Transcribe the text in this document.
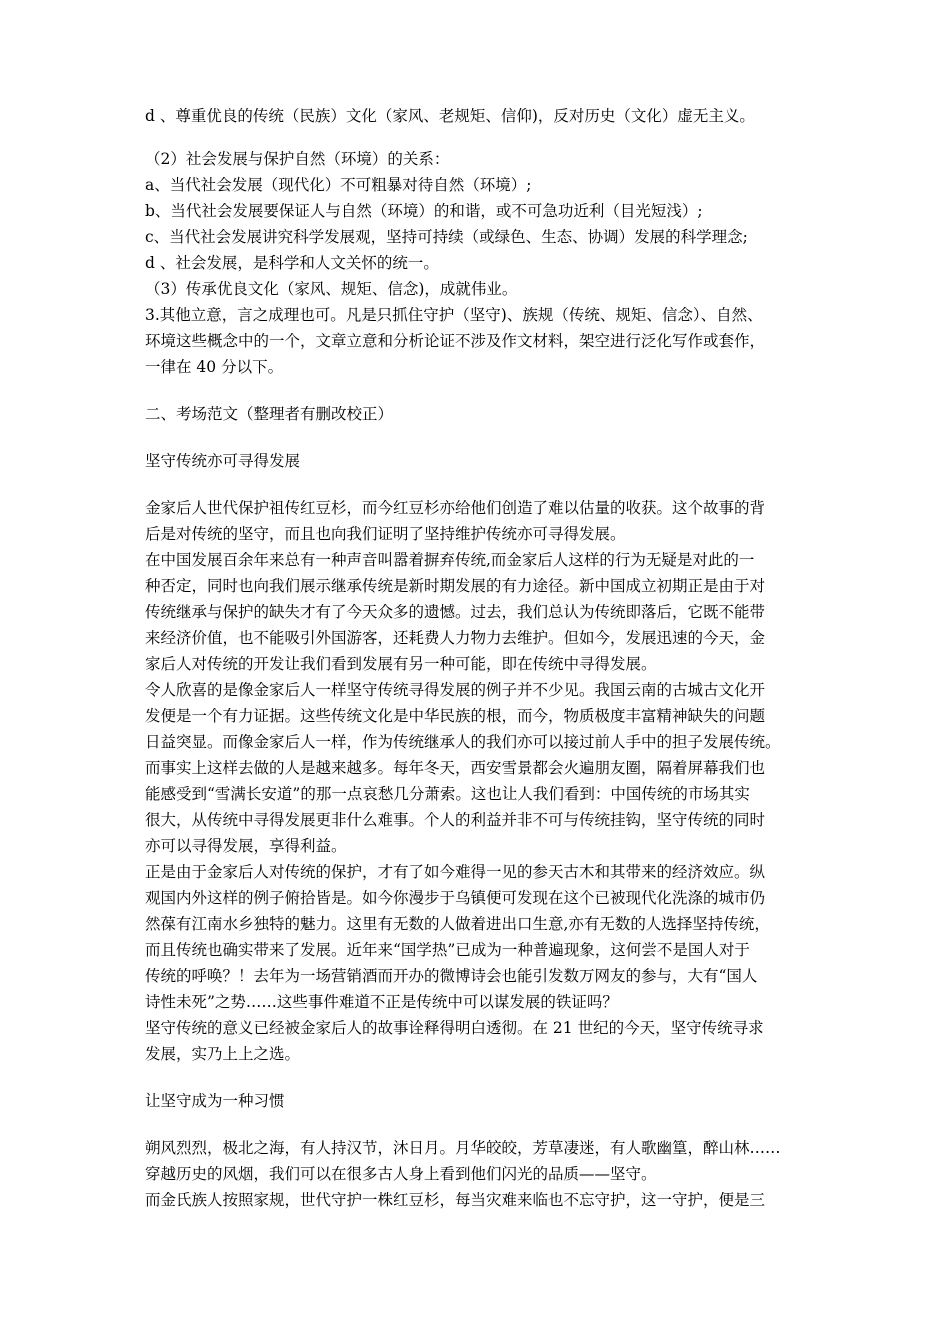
d 、尊重优良的传统（民族）文化（家风、老规矩、信仰)，反对历史（文化）虚无主义。
（2）社会发展与保护自然（环境）的关系：
a、当代社会发展（现代化）不可粗暴对待自然（环境）;
b、当代社会发展要保证人与自然（环境）的和谐，或不可急功近利（目光短浅）;
c、当代社会发展讲究科学发展观，坚持可持续（或绿色、生态、协调）发展的科学理念;
d 、社会发展，是科学和人文关怀的统一。
（3）传承优良文化（家风、规矩、信念)，成就伟业。
3.其他立意，言之成理也可。凡是只抓住守护（坚守)、族规（传统、规矩、信念）、自然、
环境这些概念中的一个，文章立意和分析论证不涉及作文材料，架空进行泛化写作或套作，
一律在 40 分以下。
二、考场范文（整理者有删改校正）
坚守传统亦可寻得发展
金家后人世代保护祖传红豆杉，而今红豆杉亦给他们创造了难以估量的收获。这个故事的背
后是对传统的坚守，而且也向我们证明了坚持维护传统亦可寻得发展。
在中国发展百余年来总有一种声音叫嚣着摒弃传统,而金家后人这样的行为无疑是对此的一
种否定，同时也向我们展示继承传统是新时期发展的有力途径。新中国成立初期正是由于对
传统继承与保护的缺失才有了今天众多的遗憾。过去，我们总认为传统即落后，它既不能带
来经济价值，也不能吸引外国游客，还耗费人力物力去维护。但如今，发展迅速的今天，金
家后人对传统的开发让我们看到发展有另一种可能，即在传统中寻得发展。
令人欣喜的是像金家后人一样坚守传统寻得发展的例子并不少见。我国云南的古城古文化开
发便是一个有力证据。这些传统文化是中华民族的根，而今，物质极度丰富精神缺失的问题
日益突显。而像金家后人一样，作为传统继承人的我们亦可以接过前人手中的担子发展传统。
而事实上这样去做的人是越来越多。每年冬天，西安雪景都会火遍朋友圈，隔着屏幕我们也
能感受到“雪满长安道”的那一点哀愁几分萧索。这也让人我们看到：中国传统的市场其实
很大，从传统中寻得发展更非什么难事。个人的利益并非不可与传统挂钩，坚守传统的同时
亦可以寻得发展，享得利益。
正是由于金家后人对传统的保护，才有了如今难得一见的参天古木和其带来的经济效应。纵
观国内外这样的例子俯拾皆是。如今你漫步于乌镇便可发现在这个已被现代化洗涤的城市仍
然葆有江南水乡独特的魅力。这里有无数的人做着进出口生意,亦有无数的人选择坚持传统，
而且传统也确实带来了发展。近年来“国学热”已成为一种普遍现象，这何尝不是国人对于
传统的呼唤？！去年为一场营销酒而开办的微博诗会也能引发数万网友的参与，大有“国人
诗性未死”之势……这些事件难道不正是传统中可以谋发展的铁证吗？
坚守传统的意义已经被金家后人的故事诠释得明白透彻。在 21 世纪的今天，坚守传统寻求
发展，实乃上上之选。
让坚守成为一种习惯
朔风烈烈，极北之海，有人持汉节，沐日月。月华皎皎，芳草凄迷，有人歌幽篁，醉山林……
穿越历史的风烟，我们可以在很多古人身上看到他们闪光的品质——坚守。
而金氏族人按照家规，世代守护一株红豆杉，每当灾难来临也不忘守护，这一守护，便是三
